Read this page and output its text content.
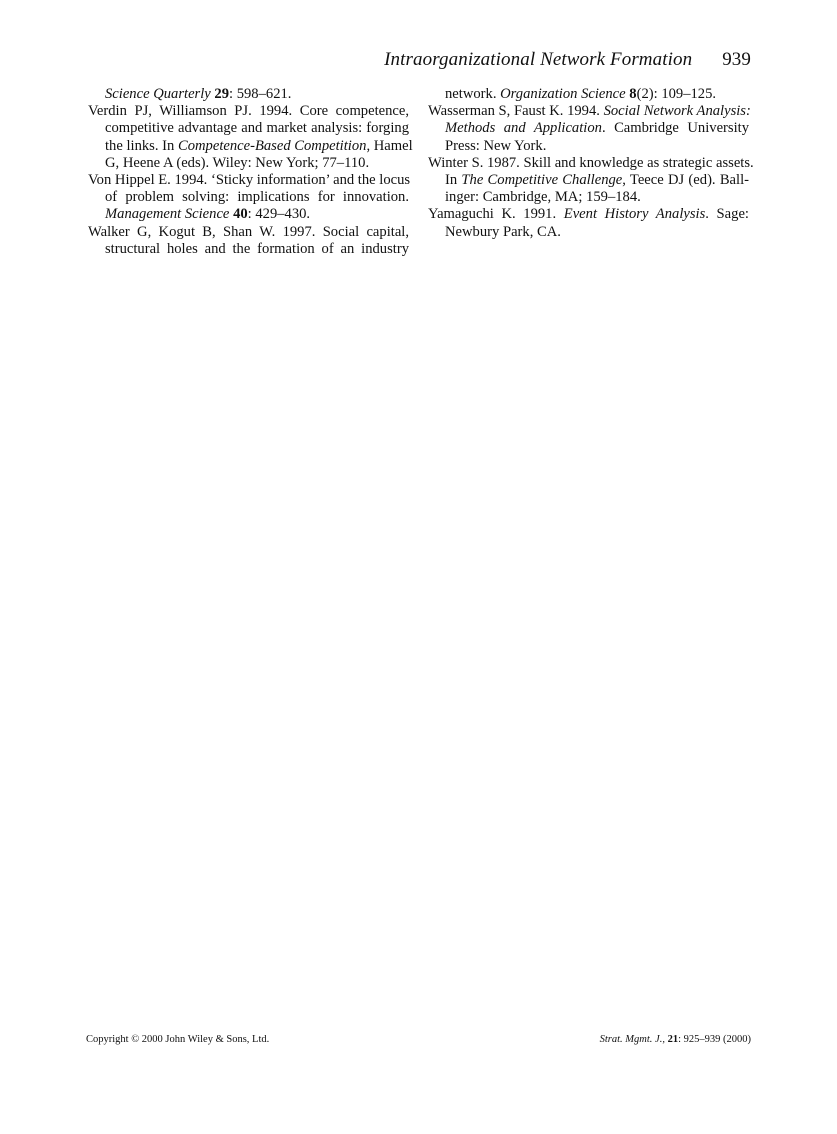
Intraorganizational Network Formation 939
Science Quarterly 29: 598–621.
Verdin PJ, Williamson PJ. 1994. Core competence,
competitive advantage and market analysis: forging
the links. In Competence-Based Competition, Hamel
G, Heene A (eds). Wiley: New York; 77–110.
Von Hippel E. 1994. ‘Sticky information’ and the locus
of problem solving: implications for innovation.
Management Science 40: 429–430.
Walker G, Kogut B, Shan W. 1997. Social capital,
structural holes and the formation of an industry
network. Organization Science 8(2): 109–125.
Wasserman S, Faust K. 1994. Social Network Analysis:
Methods and Application. Cambridge University
Press: New York.
Winter S. 1987. Skill and knowledge as strategic assets.
In The Competitive Challenge, Teece DJ (ed). Ball-
inger: Cambridge, MA; 159–184.
Yamaguchi K. 1991. Event History Analysis. Sage:
Newbury Park, CA.
Copyright © 2000 John Wiley & Sons, Ltd.	Strat. Mgmt. J., 21: 925–939 (2000)
